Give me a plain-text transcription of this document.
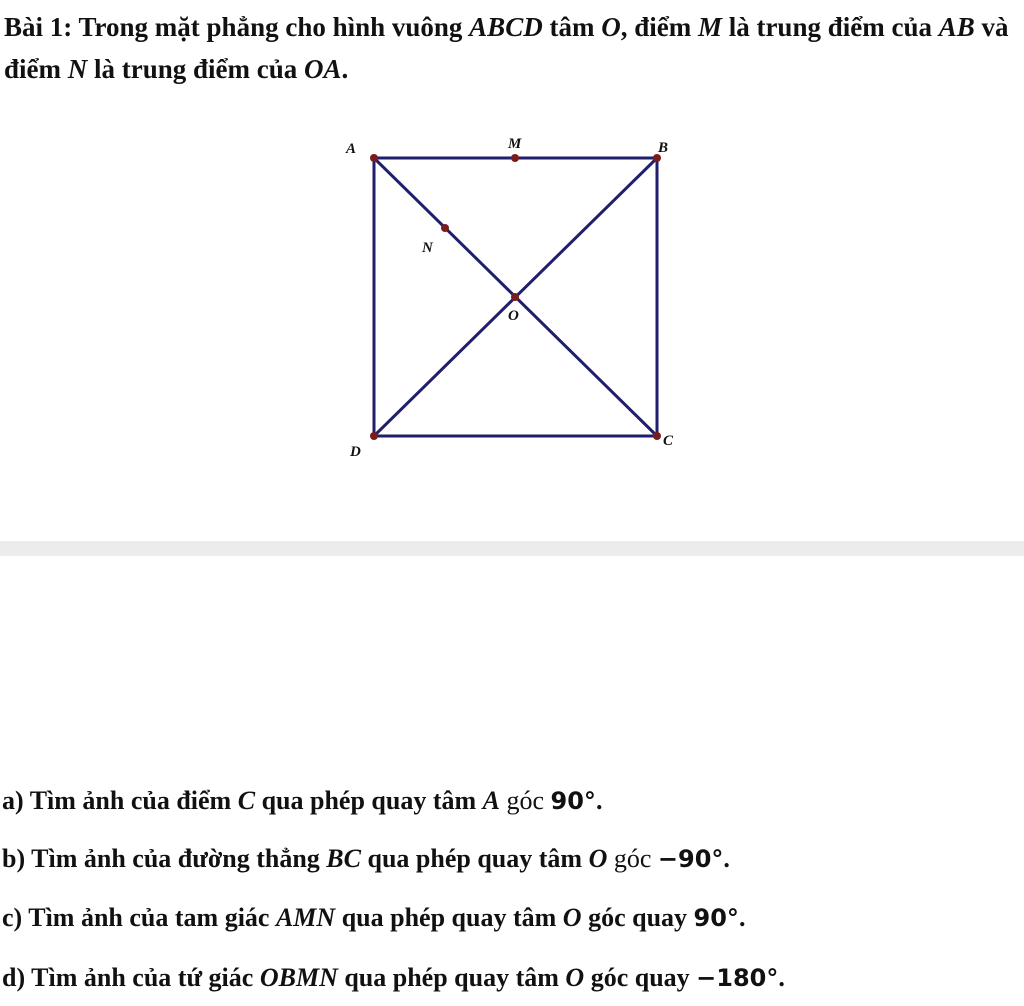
Bài 1: Trong mặt phẳng cho hình vuông ABCD tâm O, điểm M là trung điểm của AB và điểm N là trung điểm của OA.

A	M	B
N
O
D
C

a) Tìm ảnh của điểm C qua phép quay tâm A góc 90°.

b) Tìm ảnh của đường thẳng BC qua phép quay tâm O góc −90°.

c) Tìm ảnh của tam giác AMN qua phép quay tâm O góc quay 90°.

d) Tìm ảnh của tứ giác OBMN qua phép quay tâm O góc quay −180°.
